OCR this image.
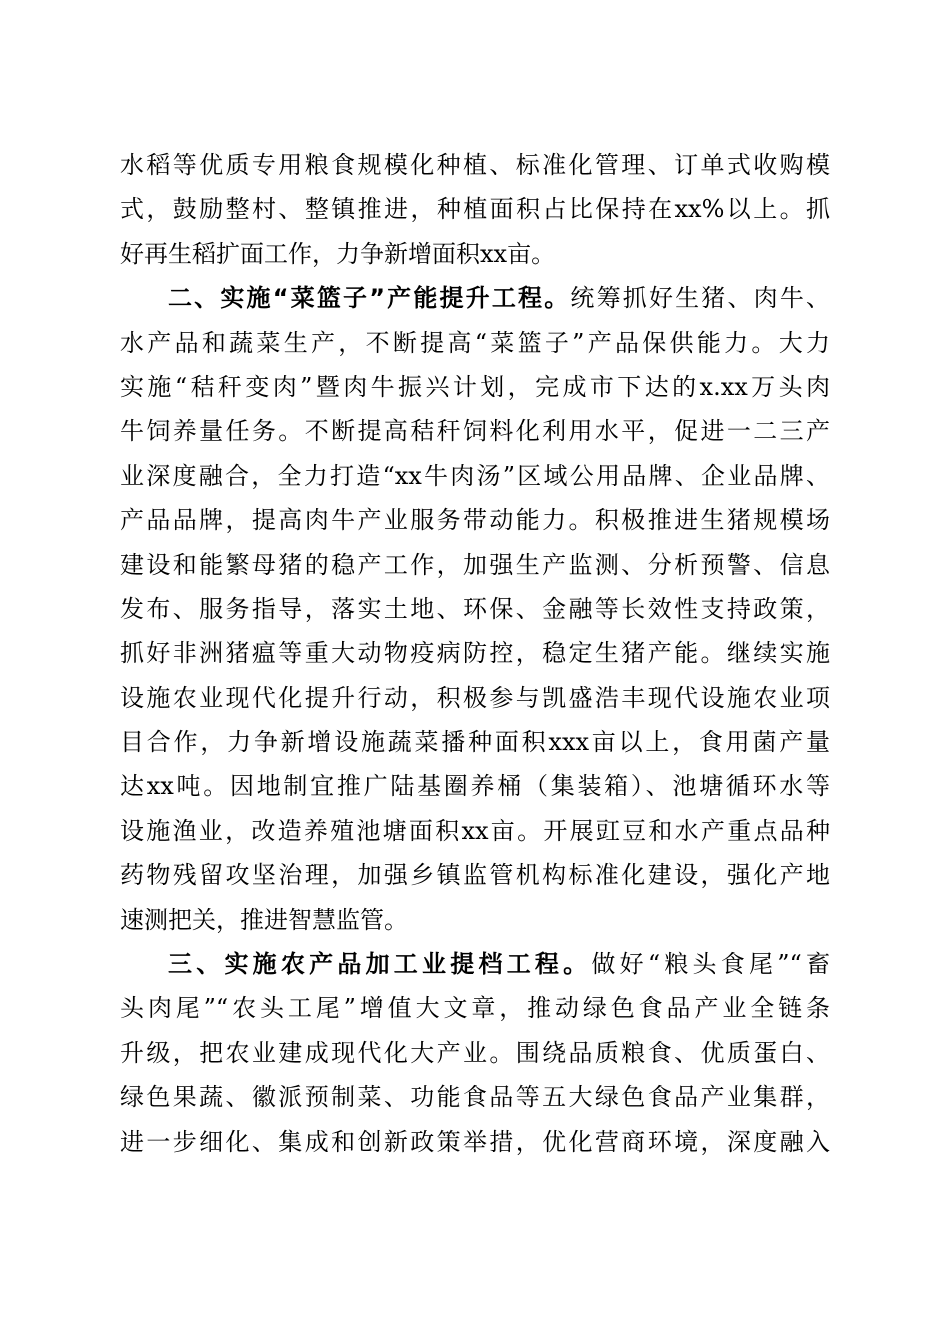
水稻等优质专用粮食规模化种植、标准化管理、订单式收购模
式，鼓励整村、整镇推进，种植面积占比保持在xx%以上。抓
好再生稻扩面工作，力争新增面积xx亩。
二、实施“菜篮子”产能提升工程。统筹抓好生猪、肉牛、
水产品和蔬菜生产，不断提高“菜篮子”产品保供能力。大力
实施“秸秆变肉”暨肉牛振兴计划，完成市下达的x.xx万头肉
牛饲养量任务。不断提高秸秆饲料化利用水平，促进一二三产
业深度融合，全力打造“xx牛肉汤”区域公用品牌、企业品牌、
产品品牌，提高肉牛产业服务带动能力。积极推进生猪规模场
建设和能繁母猪的稳产工作，加强生产监测、分析预警、信息
发布、服务指导，落实土地、环保、金融等长效性支持政策，
抓好非洲猪瘟等重大动物疫病防控，稳定生猪产能。继续实施
设施农业现代化提升行动，积极参与凯盛浩丰现代设施农业项
目合作，力争新增设施蔬菜播种面积xxx亩以上，食用菌产量
达xx吨。因地制宜推广陆基圈养桶（集装箱）、池塘循环水等
设施渔业，改造养殖池塘面积xx亩。开展豇豆和水产重点品种
药物残留攻坚治理，加强乡镇监管机构标准化建设，强化产地
速测把关，推进智慧监管。
三、实施农产品加工业提档工程。做好“粮头食尾”“畜
头肉尾”“农头工尾”增值大文章，推动绿色食品产业全链条
升级，把农业建成现代化大产业。围绕品质粮食、优质蛋白、
绿色果蔬、徽派预制菜、功能食品等五大绿色食品产业集群，
进一步细化、集成和创新政策举措，优化营商环境，深度融入
